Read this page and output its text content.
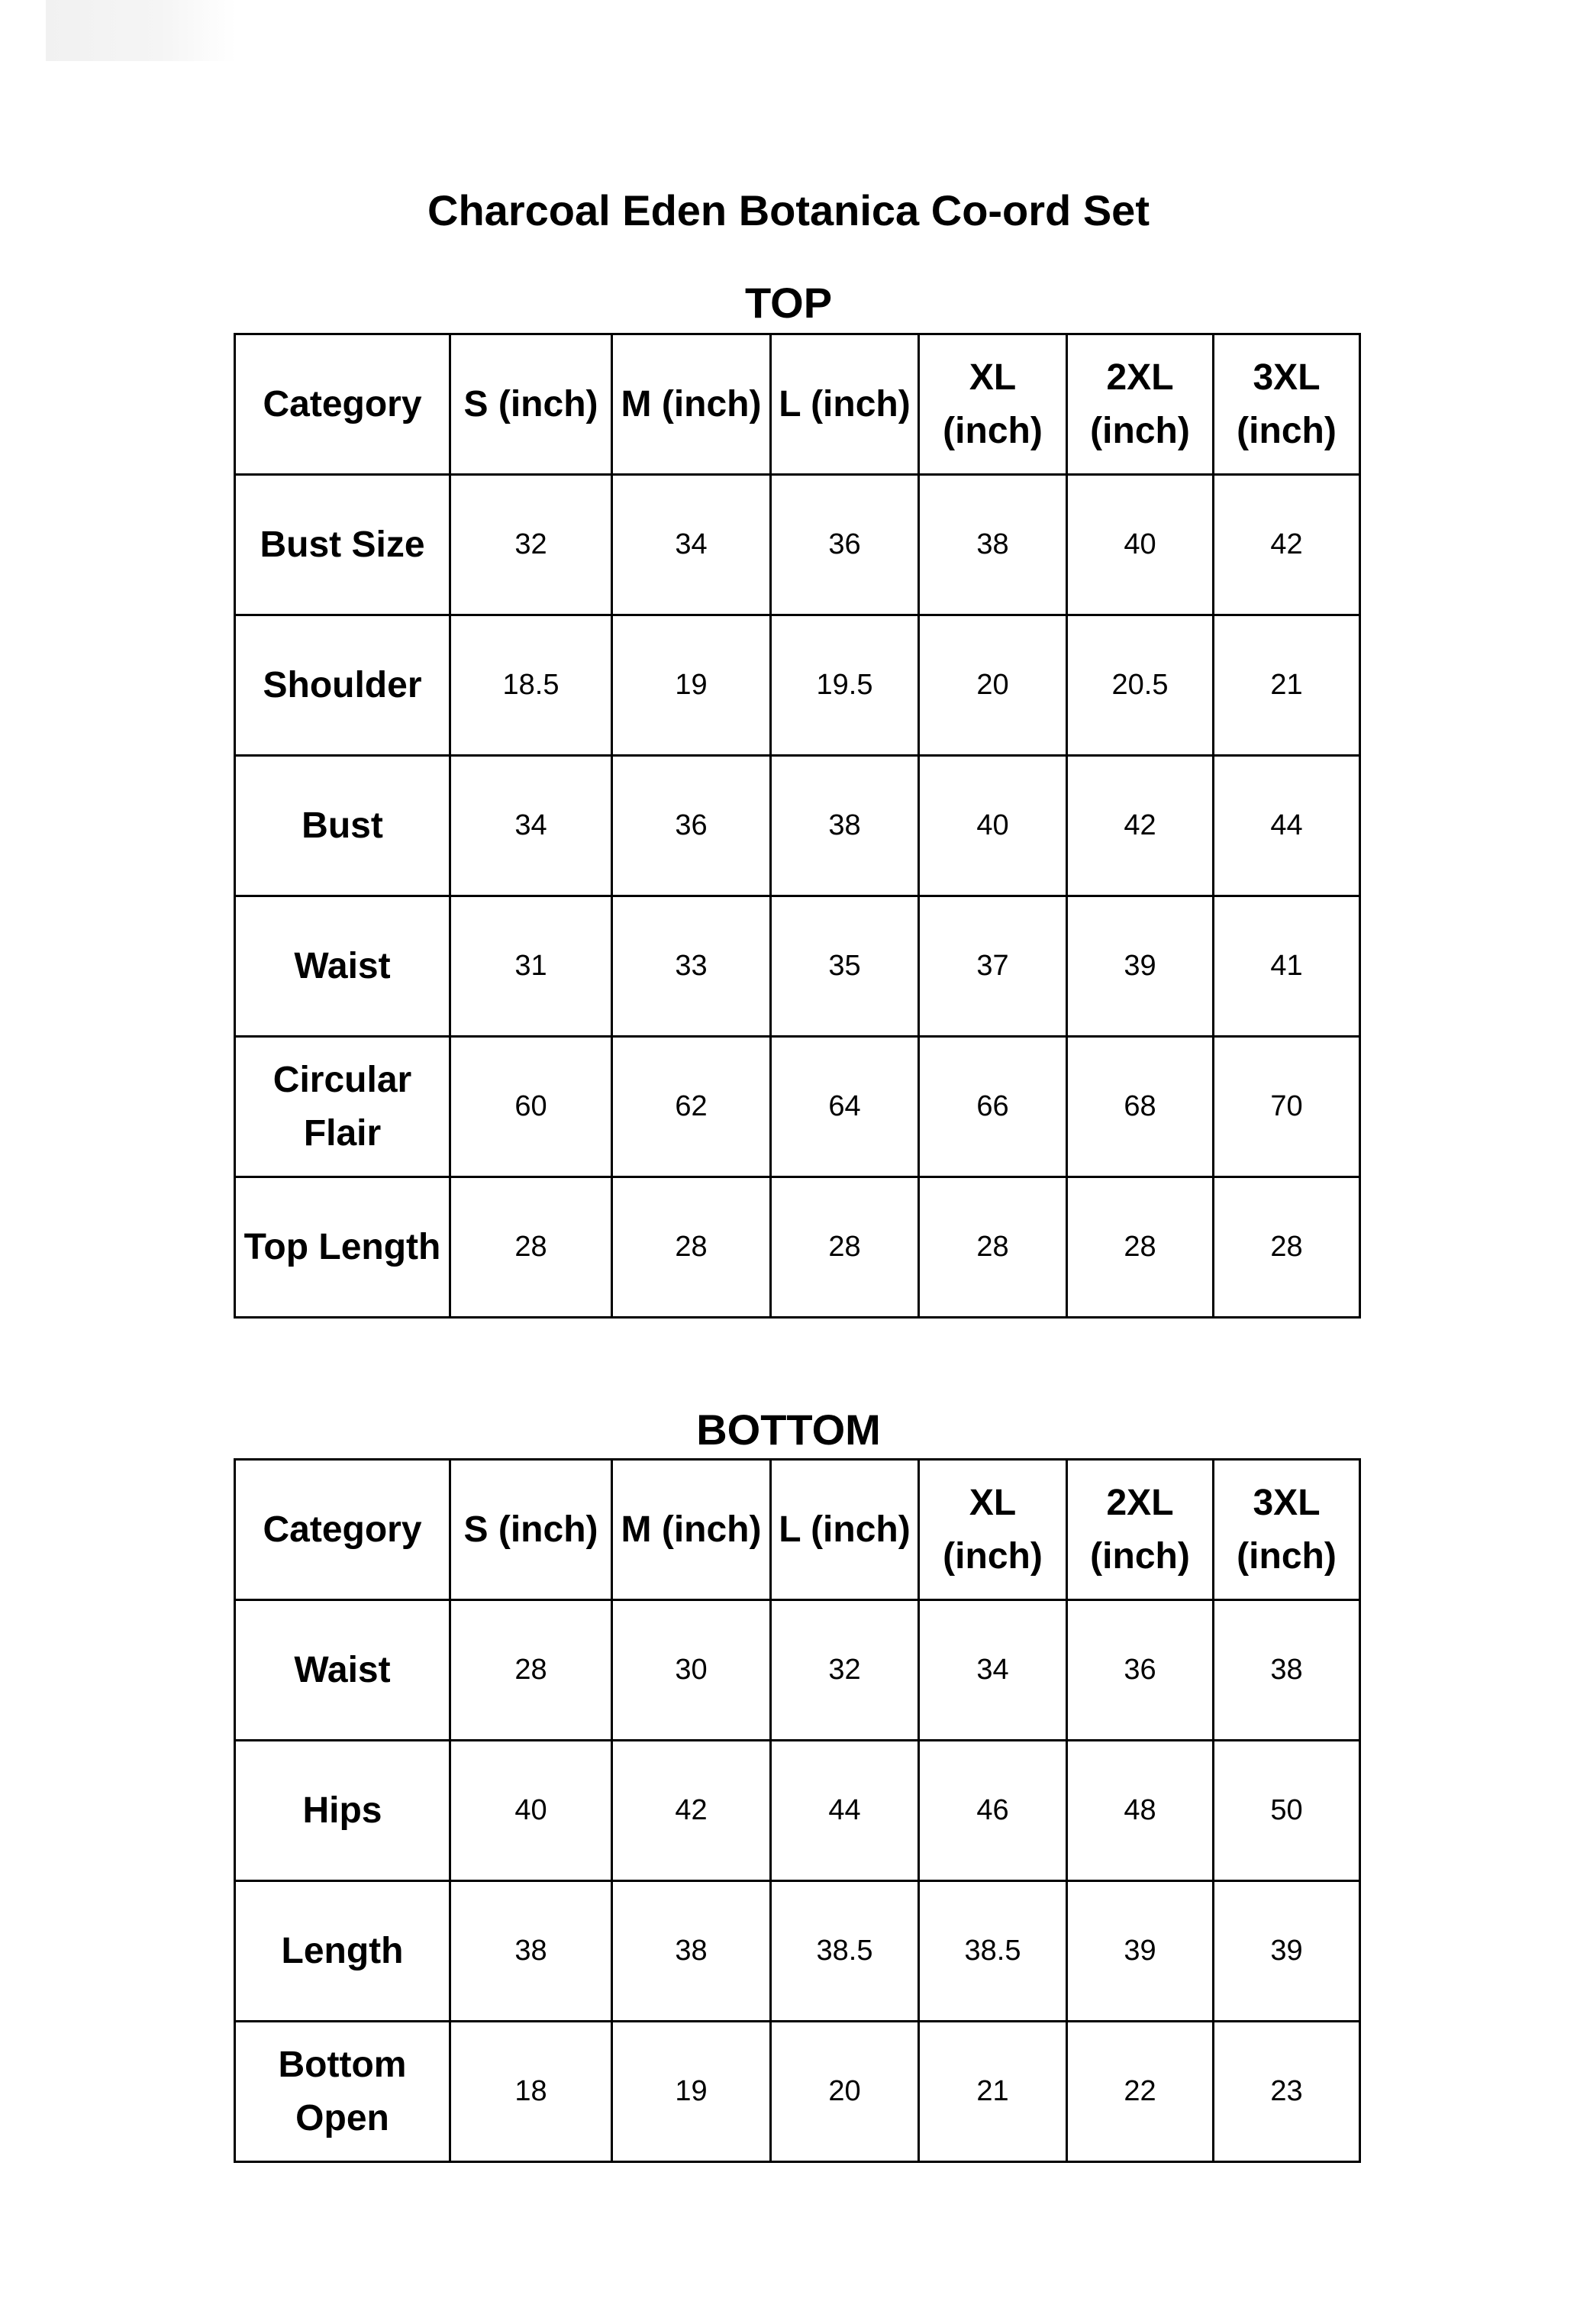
Charcoal Eden Botanica Co-ord Set
TOP
Category	S (inch)	M (inch)	L (inch)	XL (inch)	2XL (inch)	3XL (inch)
Bust Size	32	34	36	38	40	42
Shoulder	18.5	19	19.5	20	20.5	21
Bust	34	36	38	40	42	44
Waist	31	33	35	37	39	41
Circular Flair	60	62	64	66	68	70
Top Length	28	28	28	28	28	28
BOTTOM
Category	S (inch)	M (inch)	L (inch)	XL (inch)	2XL (inch)	3XL (inch)
Waist	28	30	32	34	36	38
Hips	40	42	44	46	48	50
Length	38	38	38.5	38.5	39	39
Bottom Open	18	19	20	21	22	23
